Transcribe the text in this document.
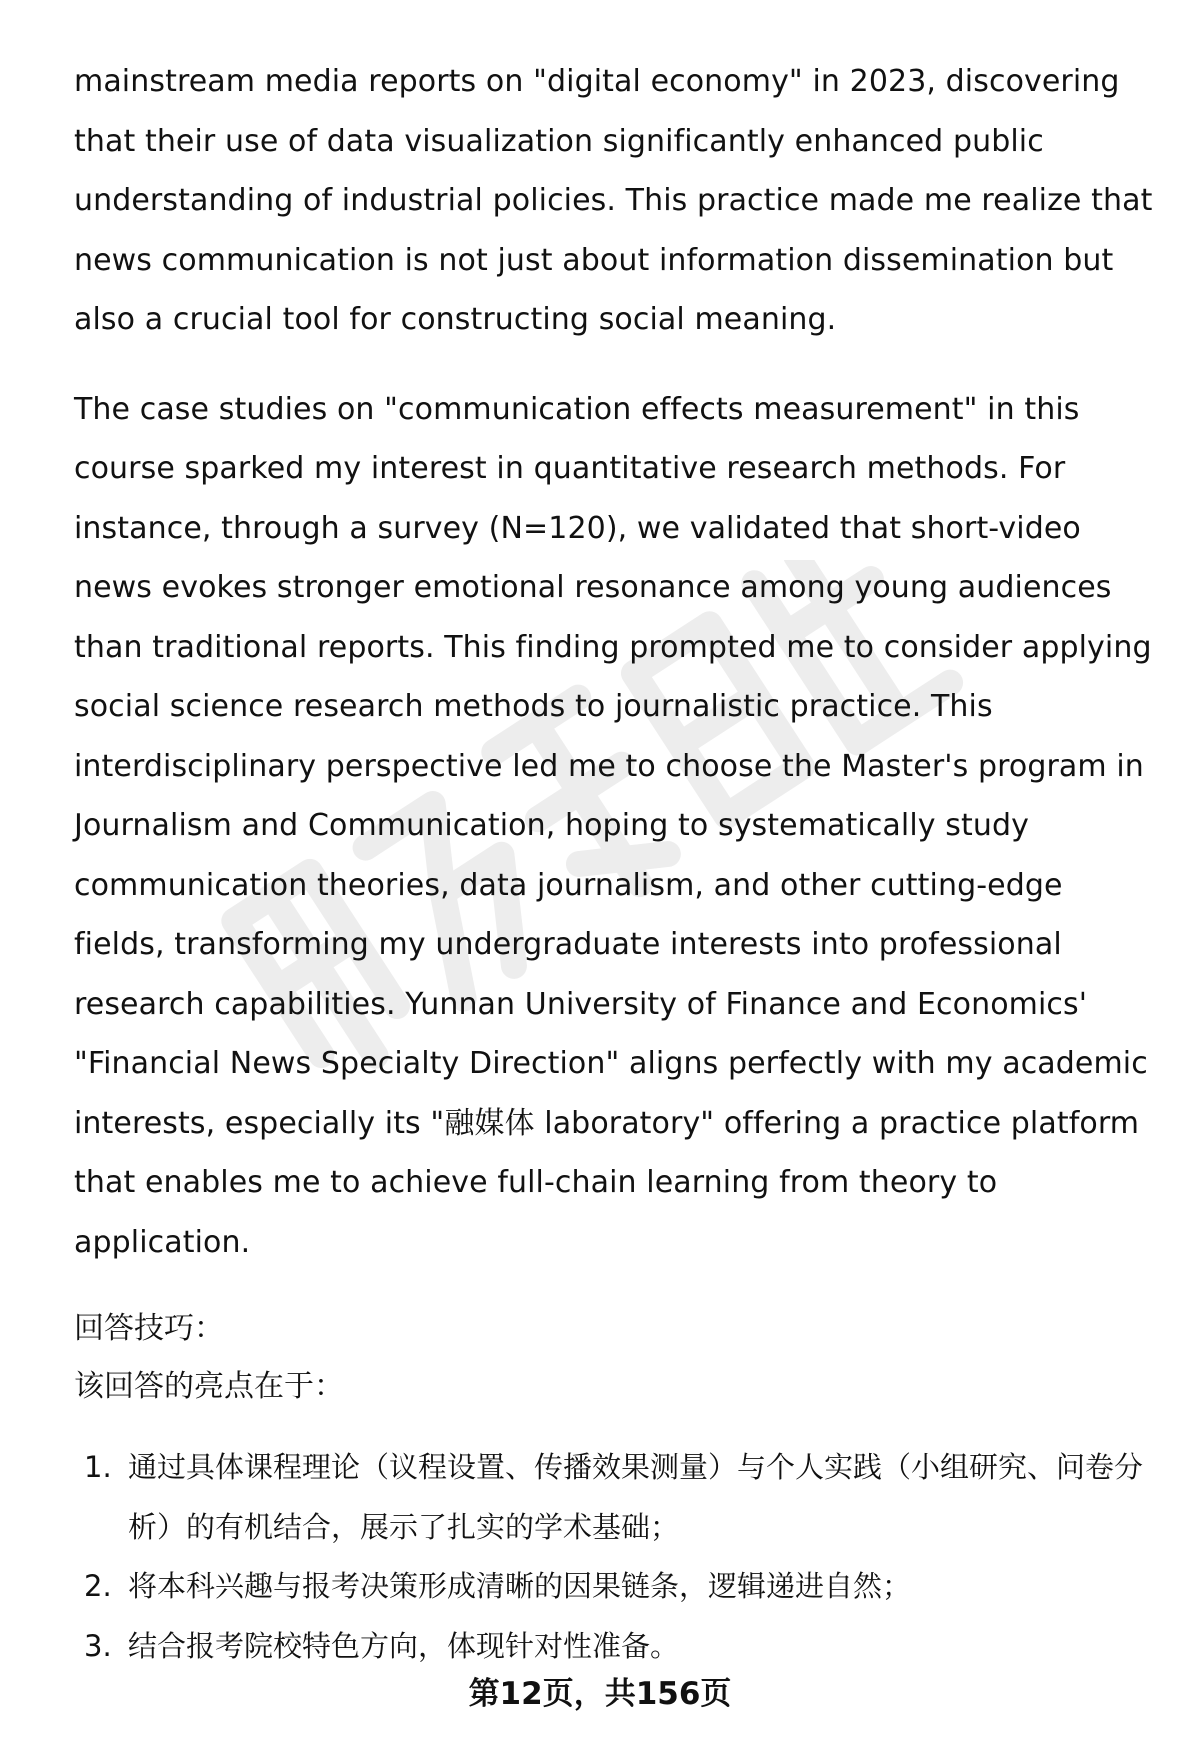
mainstream media reports on "digital economy" in 2023, discovering that their use of data visualization significantly enhanced public understanding of industrial policies. This practice made me realize that news communication is not just about information dissemination but also a crucial tool for constructing social meaning.

The case studies on "communication effects measurement" in this course sparked my interest in quantitative research methods. For instance, through a survey (N=120), we validated that short-video news evokes stronger emotional resonance among young audiences than traditional reports. This finding prompted me to consider applying social science research methods to journalistic practice. This interdisciplinary perspective led me to choose the Master's program in Journalism and Communication, hoping to systematically study communication theories, data journalism, and other cutting-edge fields, transforming my undergraduate interests into professional research capabilities. Yunnan University of Finance and Economics' "Financial News Specialty Direction" aligns perfectly with my academic interests, especially its "融媒体 laboratory" offering a practice platform that enables me to achieve full-chain learning from theory to application.

回答技巧：

该回答的亮点在于：

1. 通过具体课程理论（议程设置、传播效果测量）与个人实践（小组研究、问卷分析）的有机结合，展示了扎实的学术基础；
2. 将本科兴趣与报考决策形成清晰的因果链条，逻辑递进自然；
3. 结合报考院校特色方向，体现针对性准备。
第12页，共156页
